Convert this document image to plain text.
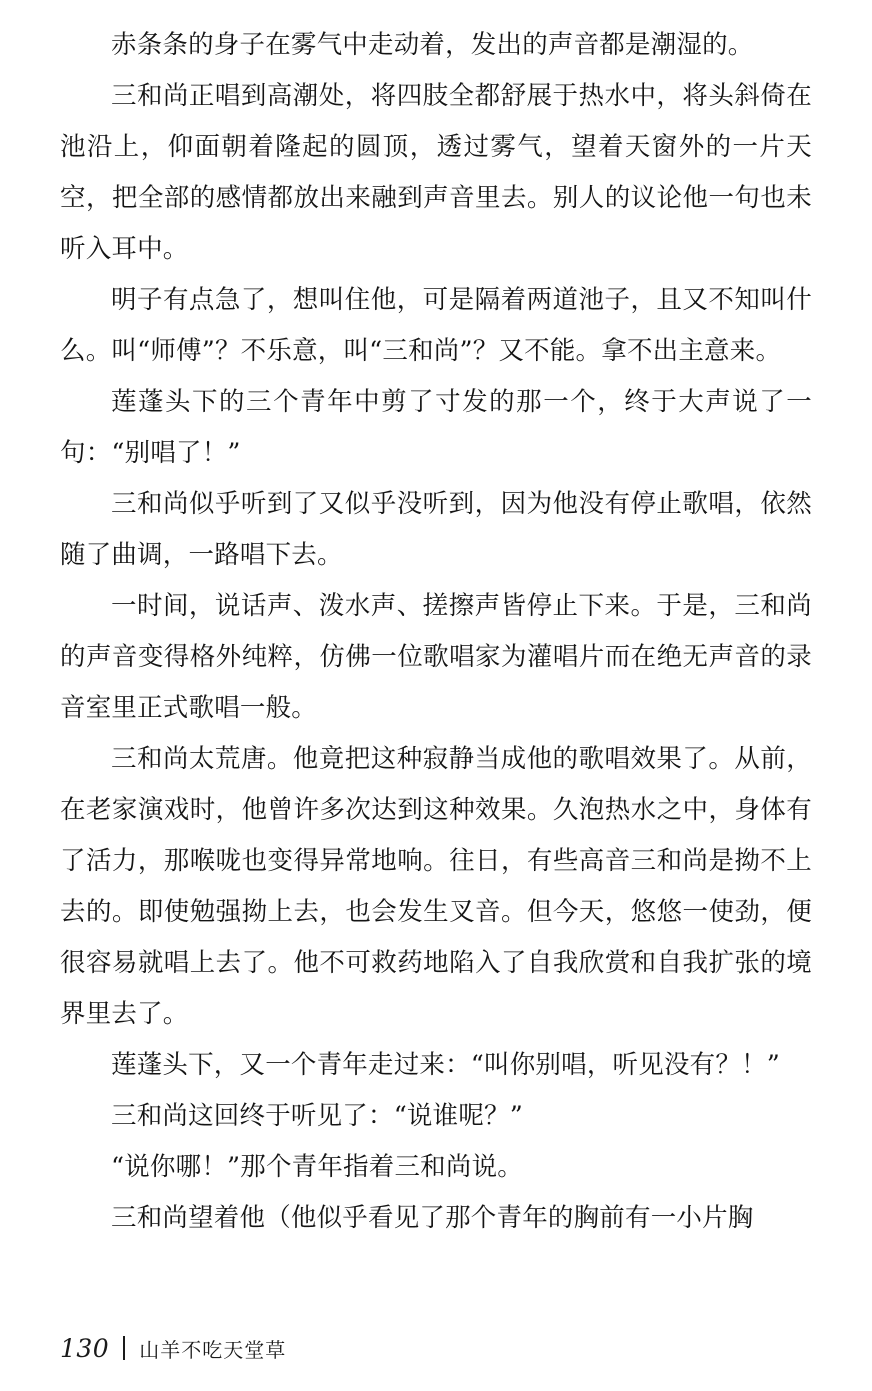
赤条条的身子在雾气中走动着，发出的声音都是潮湿的。

三和尚正唱到高潮处，将四肢全都舒展于热水中，将头斜倚在池沿上，仰面朝着隆起的圆顶，透过雾气，望着天窗外的一片天空，把全部的感情都放出来融到声音里去。别人的议论他一句也未听入耳中。

明子有点急了，想叫住他，可是隔着两道池子，且又不知叫什么。叫“师傅”？不乐意，叫“三和尚”？又不能。拿不出主意来。

莲蓬头下的三个青年中剪了寸发的那一个，终于大声说了一句：“别唱了！”

三和尚似乎听到了又似乎没听到，因为他没有停止歌唱，依然随了曲调，一路唱下去。

一时间，说话声、泼水声、搓擦声皆停止下来。于是，三和尚的声音变得格外纯粹，仿佛一位歌唱家为灌唱片而在绝无声音的录音室里正式歌唱一般。

三和尚太荒唐。他竟把这种寂静当成他的歌唱效果了。从前，在老家演戏时，他曾许多次达到这种效果。久泡热水之中，身体有了活力，那喉咙也变得异常地响。往日，有些高音三和尚是拗不上去的。即使勉强拗上去，也会发生叉音。但今天，悠悠一使劲，便很容易就唱上去了。他不可救药地陷入了自我欣赏和自我扩张的境界里去了。

莲蓬头下，又一个青年走过来：“叫你别唱，听见没有？！”

三和尚这回终于听见了：“说谁呢？”

“说你哪！”那个青年指着三和尚说。

三和尚望着他（他似乎看见了那个青年的胸前有一小片胸

130 山羊不吃天堂草
